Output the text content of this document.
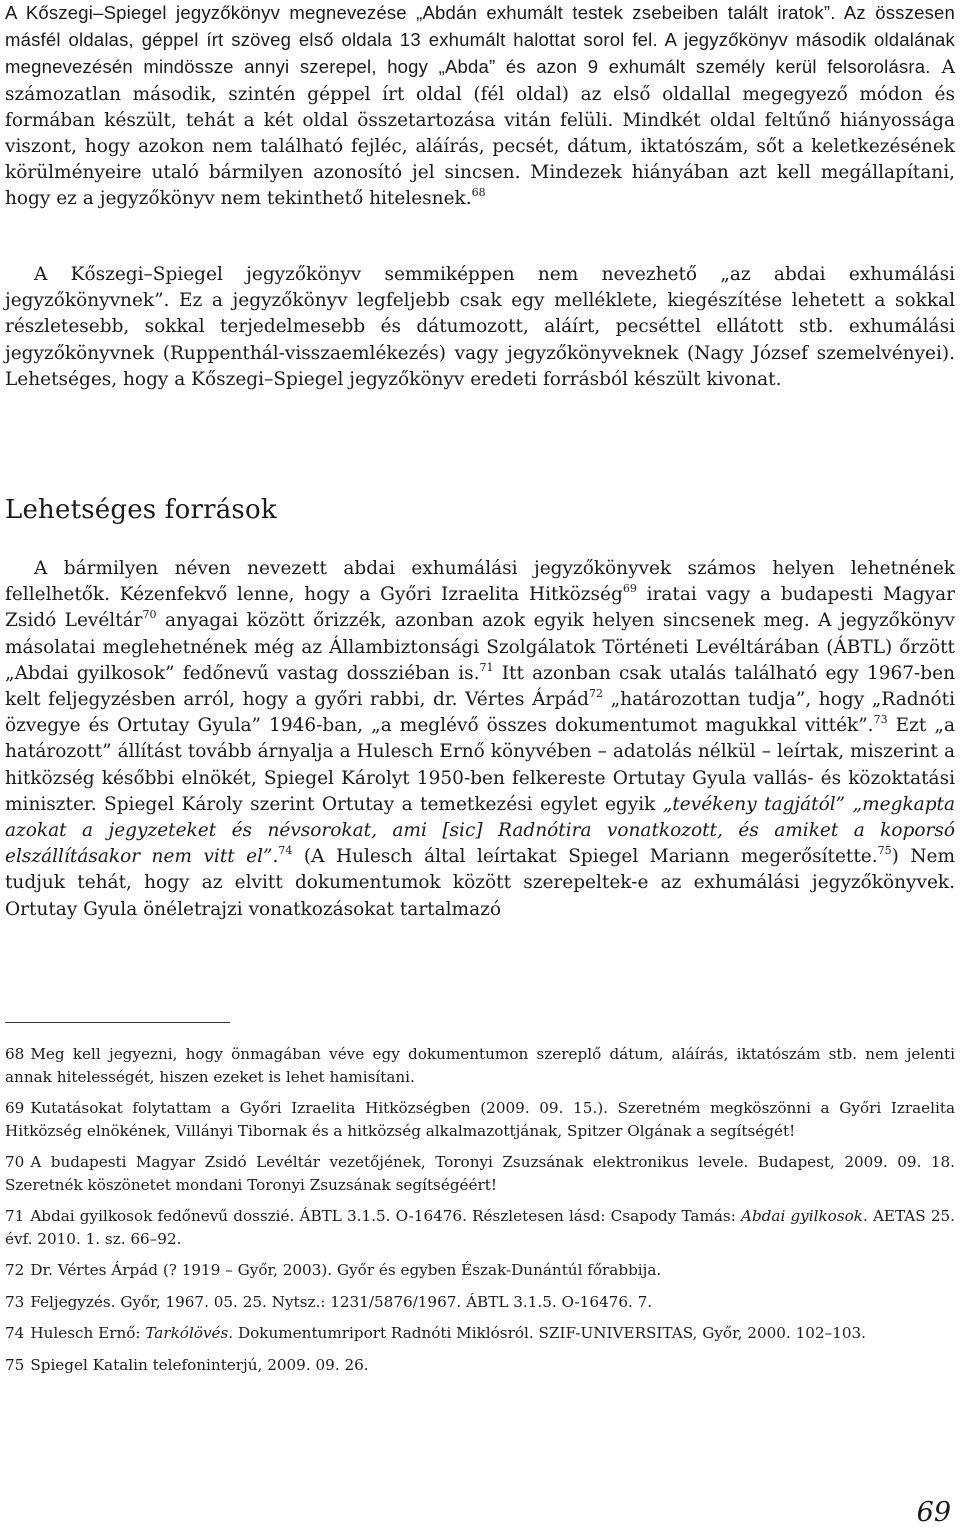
A Kőszegi–Spiegel jegyzőkönyv megnevezése „Abdán exhumált testek zsebeiben talált iratok”. Az összesen másfél oldalas, géppel írt szöveg első oldala 13 exhumált halottat sorol fel. A jegyzőkönyv második oldalának megnevezésén mindössze annyi szerepel, hogy „Abda” és azon 9 exhumált személy kerül felsorolásra. A számozatlan második, szintén géppel írt oldal (fél oldal) az első oldallal megegyező módon és formában készült, tehát a két oldal összetartozása vitán felüli. Mindkét oldal feltűnő hiányossága viszont, hogy azokon nem található fejléc, aláírás, pecsét, dátum, iktatószám, sőt a keletkezésének körülményeire utaló bármilyen azonosító jel sincsen. Mindezek hiányában azt kell megállapítani, hogy ez a jegyzőkönyv nem tekinthető hitelesnek.$^{68}$

A Kőszegi–Spiegel jegyzőkönyv semmiképpen nem nevezhető „az abdai exhumálási jegyzőkönyvnek”. Ez a jegyzőkönyv legfeljebb csak egy melléklete, kiegészítése lehetett a sokkal részletesebb, sokkal terjedelmesebb és dátumozott, aláírt, pecséttel ellátott stb. exhumálási jegyzőkönyvnek (Ruppenthál-visszaemlékezés) vagy jegyzőkönyveknek (Nagy József szemelvényei). Lehetséges, hogy a Kőszegi–Spiegel jegyzőkönyv eredeti forrásból készült kivonat.

Lehetséges források

A bármilyen néven nevezett abdai exhumálási jegyzőkönyvek számos helyen lehetnének fellelhetők. Kézenfekvő lenne, hogy a Győri Izraelita Hitközség$^{69}$ iratai vagy a budapesti Magyar Zsidó Levéltár$^{70}$ anyagai között őrizzék, azonban azok egyik helyen sincsenek meg. A jegyzőkönyv másolatai meglehetnének még az Állambiztonsági Szolgálatok Történeti Levéltárában (ÁBTL) őrzött „Abdai gyilkosok” fedőnevű vastag dossziéban is.$^{71}$ Itt azonban csak utalás található egy 1967-ben kelt feljegyzésben arról, hogy a győri rabbi, dr. Vértes Árpád$^{72}$ „határozottan tudja”, hogy „Radnóti özvegye és Ortutay Gyula” 1946-ban, „a meglévő összes dokumentumot magukkal vitték”.$^{73}$ Ezt „a határozott” állítást tovább árnyalja a Hulesch Ernő könyvében – adatolás nélkül – leírtak, miszerint a hitközség későbbi elnökét, Spiegel Károlyt 1950-ben felkereste Ortutay Gyula vallás- és közoktatási miniszter. Spiegel Károly szerint Ortutay a temetkezési egylet egyik „tevékeny tagjától” „megkapta azokat a jegyzeteket és névsorokat, ami [sic] Radnótira vonatkozott, és amiket a koporsó elszállításakor nem vitt el”.$^{74}$ (A Hulesch által leírtakat Spiegel Mariann megerősítette.$^{75}$) Nem tudjuk tehát, hogy az elvitt dokumentumok között szerepeltek-e az exhumálási jegyzőkönyvek. Ortutay Gyula önéletrajzi vonatkozásokat tartalmazó

68 Meg kell jegyezni, hogy önmagában véve egy dokumentumon szereplő dátum, aláírás, iktatószám stb. nem jelenti annak hitelességét, hiszen ezeket is lehet hamisítani.

69 Kutatásokat folytattam a Győri Izraelita Hitközségben (2009. 09. 15.). Szeretném megköszönni a Győri Izraelita Hitközség elnökének, Villányi Tibornak és a hitközség alkalmazottjának, Spitzer Olgának a segítségét!

70 A budapesti Magyar Zsidó Levéltár vezetőjének, Toronyi Zsuzsának elektronikus levele. Budapest, 2009. 09. 18. Szeretnék köszönetet mondani Toronyi Zsuzsának segítségéért!

71 Abdai gyilkosok fedőnevű dosszié. ÁBTL 3.1.5. O-16476. Részletesen lásd: Csapody Tamás: Abdai gyilkosok. AETAS 25. évf. 2010. 1. sz. 66–92.

72 Dr. Vértes Árpád (? 1919 – Győr, 2003). Győr és egyben Észak-Dunántúl főrabbija.

73 Feljegyzés. Győr, 1967. 05. 25. Nytsz.: 1231/5876/1967. ÁBTL 3.1.5. O-16476. 7.

74 Hulesch Ernő: Tarkólövés. Dokumentumriport Radnóti Miklósról. SZIF-UNIVERSITAS, Győr, 2000. 102–103.

75 Spiegel Katalin telefoninterjú, 2009. 09. 26.

69
